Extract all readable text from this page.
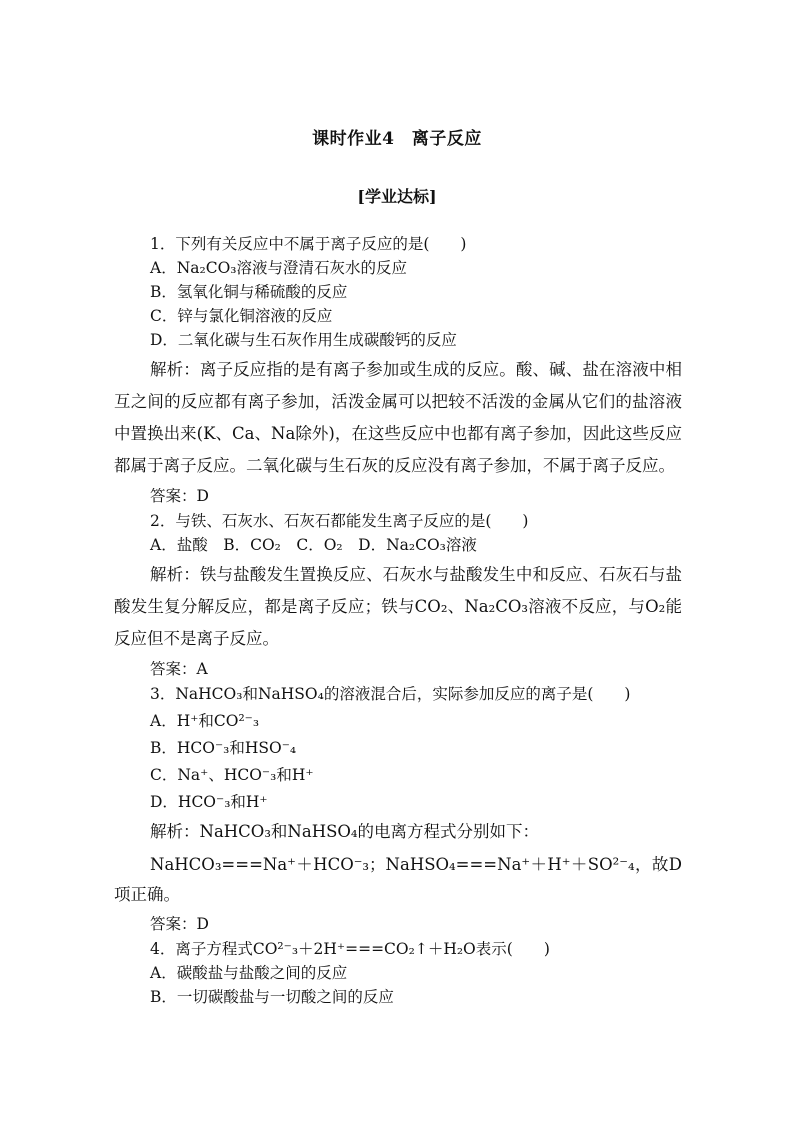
课时作业4　离子反应
[学业达标]
1．下列有关反应中不属于离子反应的是(　　)
A．Na₂CO₃溶液与澄清石灰水的反应
B．氢氧化铜与稀硫酸的反应
C．锌与氯化铜溶液的反应
D．二氧化碳与生石灰作用生成碳酸钙的反应
解析：离子反应指的是有离子参加或生成的反应。酸、碱、盐在溶液中相互之间的反应都有离子参加，活泼金属可以把较不活泼的金属从它们的盐溶液中置换出来(K、Ca、Na除外)，在这些反应中也都有离子参加，因此这些反应都属于离子反应。二氧化碳与生石灰的反应没有离子参加，不属于离子反应。
答案：D
2．与铁、石灰水、石灰石都能发生离子反应的是(　　)
A．盐酸　B．CO₂　C．O₂　D．Na₂CO₃溶液
解析：铁与盐酸发生置换反应、石灰水与盐酸发生中和反应、石灰石与盐酸发生复分解反应，都是离子反应；铁与CO₂、Na₂CO₃溶液不反应，与O₂能反应但不是离子反应。
答案：A
3．NaHCO₃和NaHSO₄的溶液混合后，实际参加反应的离子是(　　)
A．H⁺和CO²⁻₃
B．HCO⁻₃和HSO⁻₄
C．Na⁺、HCO⁻₃和H⁺
D．HCO⁻₃和H⁺
解析：NaHCO₃和NaHSO₄的电离方程式分别如下：
NaHCO₃===Na⁺＋HCO⁻₃；NaHSO₄===Na⁺＋H⁺＋SO²⁻₄，故D项正确。
答案：D
4．离子方程式CO²⁻₃＋2H⁺===CO₂↑＋H₂O表示(　　)
A．碳酸盐与盐酸之间的反应
B．一切碳酸盐与一切酸之间的反应
